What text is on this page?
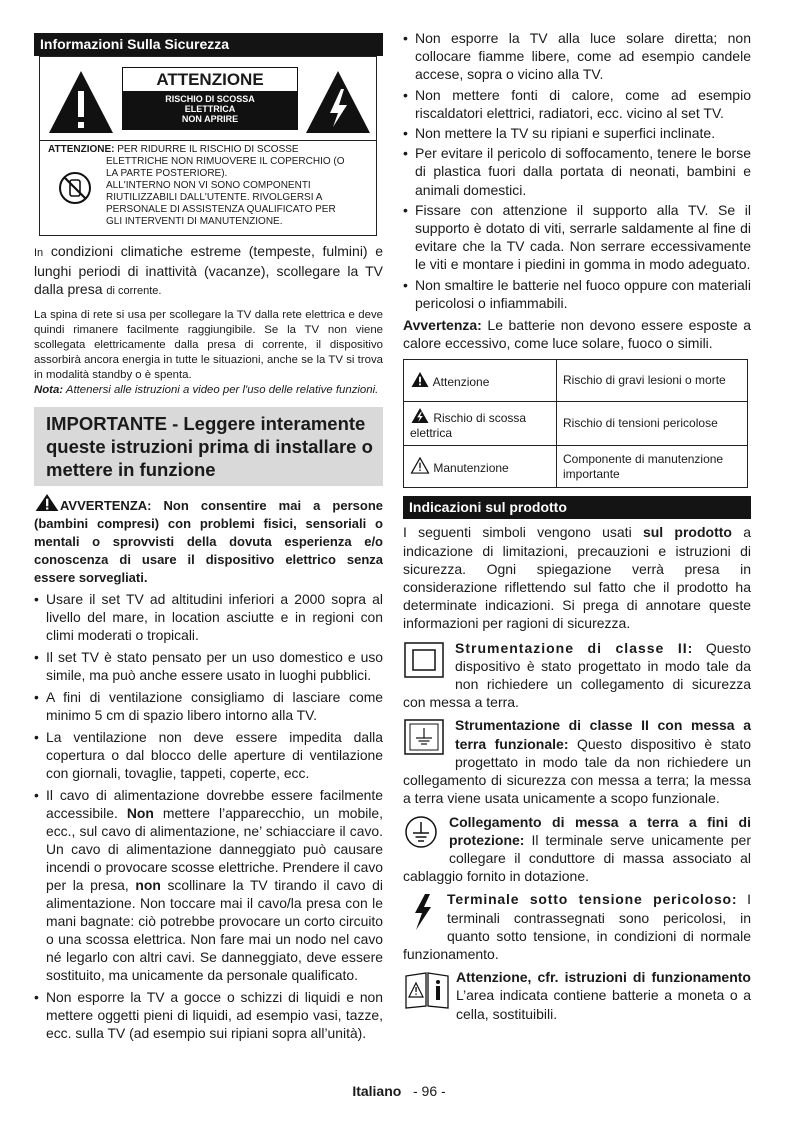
Informazioni Sulla Sicurezza
ATTENZIONE
RISCHIO DI SCOSSA
ELETTRICA
NON APRIRE
ATTENZIONE: PER RIDURRE IL RISCHIO DI SCOSSE
ELETTRICHE NON RIMUOVERE IL COPERCHIO (O
LA PARTE POSTERIORE).
ALL'INTERNO NON VI SONO COMPONENTI
RIUTILIZZABILI DALL'UTENTE. RIVOLGERSI A
PERSONALE DI ASSISTENZA QUALIFICATO PER
GLI INTERVENTI DI MANUTENZIONE.

In condizioni climatiche estreme (tempeste, fulmini) e lunghi periodi di inattività (vacanze), scollegare la TV dalla presa di corrente.

La spina di rete si usa per scollegare la TV dalla rete elettrica e deve quindi rimanere facilmente raggiungibile. Se la TV non viene scollegata elettricamente dalla presa di corrente, il dispositivo assorbirà ancora energia in tutte le situazioni, anche se la TV si trova in modalità standby o è spenta.

Nota: Attenersi alle istruzioni a video per l'uso delle relative funzioni.

IMPORTANTE - Leggere interamente queste istruzioni prima di installare o mettere in funzione
AVVERTENZA: Non consentire mai a persone (bambini compresi) con problemi fisici, sensoriali o mentali o sprovvisti della dovuta esperienza e/o conoscenza di usare il dispositivo elettrico senza essere sorvegliati.
• Usare il set TV ad altitudini inferiori a 2000 sopra al livello del mare, in location asciutte e in regioni con climi moderati o tropicali.
• Il set TV è stato pensato per un uso domestico e uso simile, ma può anche essere usato in luoghi pubblici.
• A fini di ventilazione consigliamo di lasciare come minimo 5 cm di spazio libero intorno alla TV.
• La ventilazione non deve essere impedita dalla copertura o dal blocco delle aperture di ventilazione con giornali, tovaglie, tappeti, coperte, ecc.
• Il cavo di alimentazione dovrebbe essere facilmente accessibile. Non mettere l’apparecchio, un mobile, ecc., sul cavo di alimentazione, ne’ schiacciare il cavo. Un cavo di alimentazione danneggiato può causare incendi o provocare scosse elettriche. Prendere il cavo per la presa, non scollinare la TV tirando il cavo di alimentazione. Non toccare mai il cavo/la presa con le mani bagnate: ciò potrebbe provocare un corto circuito o una scossa elettrica. Non fare mai un nodo nel cavo né legarlo con altri cavi. Se danneggiato, deve essere sostituito, ma unicamente da personale qualificato.
• Non esporre la TV a gocce o schizzi di liquidi e non mettere oggetti pieni di liquidi, ad esempio vasi, tazze, ecc. sulla TV (ad esempio sui ripiani sopra all’unità).
• Non esporre la TV alla luce solare diretta; non collocare fiamme libere, come ad esempio candele accese, sopra o vicino alla TV.
• Non mettere fonti di calore, come ad esempio riscaldatori elettrici, radiatori, ecc. vicino al set TV.
• Non mettere la TV su ripiani e superfici inclinate.
• Per evitare il pericolo di soffocamento, tenere le borse di plastica fuori dalla portata di neonati, bambini e animali domestici.
• Fissare con attenzione il supporto alla TV. Se il supporto è dotato di viti, serrarle saldamente al fine di evitare che la TV cada. Non serrare eccessivamente le viti e montare i piedini in gomma in modo adeguato.
• Non smaltire le batterie nel fuoco oppure con materiali pericolosi o infiammabili.

Avvertenza: Le batterie non devono essere esposte a calore eccessivo, come luce solare, fuoco o simili.

Attenzione	Rischio di gravi lesioni o morte
Rischio di scossa elettrica	Rischio di tensioni pericolose
Manutenzione	Componente di manutenzione importante
Indicazioni sul prodotto

I seguenti simboli vengono usati sul prodotto a indicazione di limitazioni, precauzioni e istruzioni di sicurezza. Ogni spiegazione verrà presa in considerazione riflettendo sul fatto che il prodotto ha determinate indicazioni. Si prega di annotare queste informazioni per ragioni di sicurezza.

Strumentazione di classe II: Questo dispositivo è stato progettato in modo tale da non richiedere un collegamento di sicurezza con messa a terra.
Strumentazione di classe II con messa a terra funzionale: Questo dispositivo è stato progettato in modo tale da non richiedere un collegamento di sicurezza con messa a terra; la messa a terra viene usata unicamente a scopo funzionale.
Collegamento di messa a terra a fini di protezione: Il terminale serve unicamente per collegare il conduttore di massa associato al cablaggio fornito in dotazione.
Terminale sotto tensione pericoloso: I terminali contrassegnati sono pericolosi, in quanto sotto tensione, in condizioni di normale funzionamento.
Attenzione, cfr. istruzioni di funzionamento L’area indicata contiene batterie a moneta o a cella, sostituibili.
Italiano - 96 -
